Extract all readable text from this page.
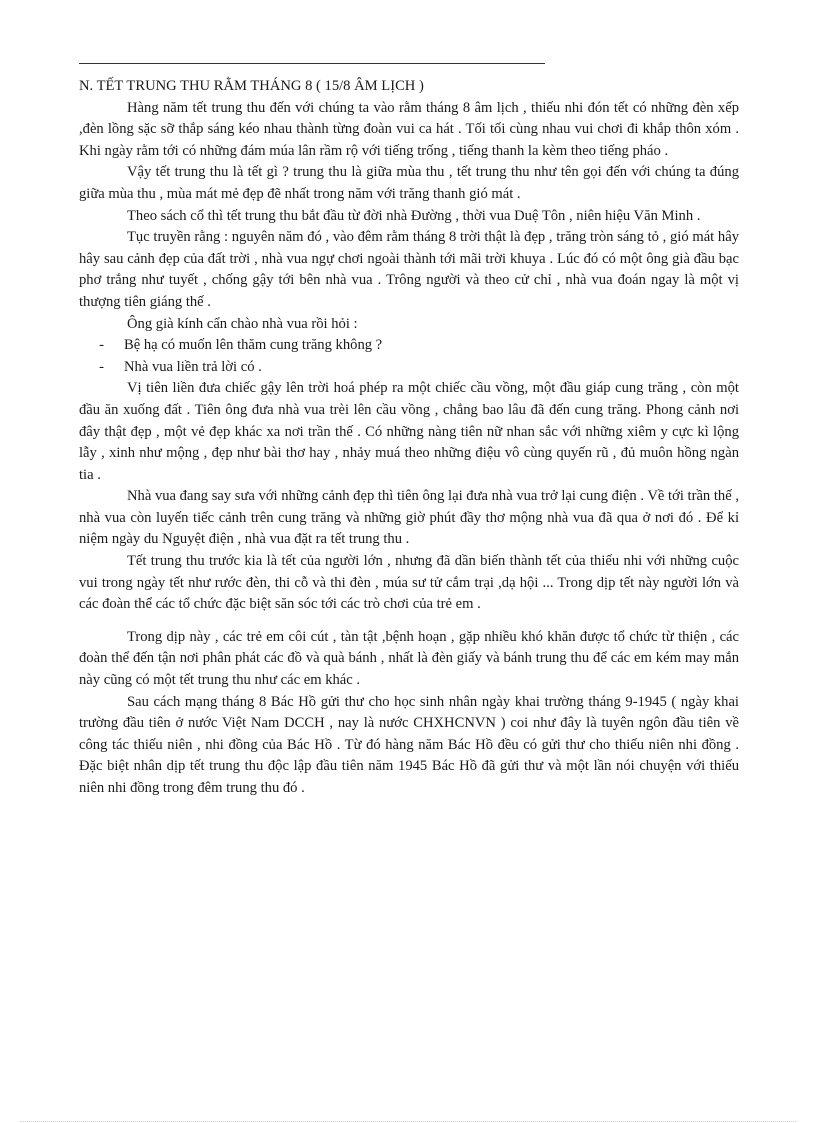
N. TẾT TRUNG THU RẰM THÁNG 8 ( 15/8 ÂM LỊCH )

Hàng năm tết trung thu đến với chúng ta vào rằm tháng 8 âm lịch , thiếu nhi đón tết có những đèn xếp ,đèn lồng sặc sỡ thắp sáng kéo nhau thành từng đoàn vui ca hát . Tối tối cùng nhau vui chơi đi khắp thôn xóm . Khi ngày rằm tới có những đám múa lân rầm rộ với tiếng trống , tiếng thanh la kèm theo tiếng pháo .

Vậy tết trung thu là tết gì ? trung thu là giữa mùa thu , tết trung thu như tên gọi đến với chúng ta đúng giữa mùa thu , mùa mát mẻ đẹp đẽ nhất trong năm với trăng thanh gió mát .

Theo sách cổ thì tết trung thu bắt đầu từ đời nhà Đường , thời vua Duệ Tôn , niên hiệu Văn Minh .

Tục truyền rằng : nguyên năm đó , vào đêm rằm tháng 8 trời thật là đẹp , trăng tròn sáng tỏ , gió mát hây hây sau cảnh đẹp của đất trời , nhà vua ngự chơi ngoài thành tới mãi trời khuya . Lúc đó có một ông già đầu bạc phơ trắng như tuyết , chống gậy tới bên nhà vua . Trông người và theo cử chỉ , nhà vua đoán ngay là một vị thượng tiên giáng thế .

Ông già kính cẩn chào nhà vua rồi hỏi :

-	Bệ hạ có muốn lên thăm cung trăng không ?
-	Nhà vua liền trả lời có .

Vị tiên liền đưa chiếc gậy lên trời hoá phép ra một chiếc cầu vồng, một đầu giáp cung trăng , còn một đầu ăn xuống đất . Tiên ông đưa nhà vua trèi lên cầu vồng , chẳng bao lâu đã đến cung trăng. Phong cảnh nơi đây thật đẹp , một vẻ đẹp khác xa nơi trần thế . Có những nàng tiên nữ nhan sắc với những xiêm y cực kì lộng lẫy , xinh như mộng , đẹp như bài thơ hay , nhảy muá theo những điệu vô cùng quyến rũ , đủ muôn hồng ngàn tia .

Nhà vua đang say sưa với những cảnh đẹp thì tiên ông lại đưa nhà vua trở lại cung điện . Về tới trần thế , nhà vua còn luyến tiếc cảnh trên cung trăng và những giờ phút đầy thơ mộng nhà vua đã qua ở nơi đó . Để kỉ niệm ngày du Nguyệt điện , nhà vua đặt ra tết trung thu .

Tết trung thu trước kia là tết của người lớn , nhưng đã dần biến thành tết của thiếu nhi với những cuộc vui trong ngày tết như rước đèn, thi cỗ và thi đèn , múa sư tử cắm trại ,dạ hội ... Trong dịp tết này người lớn và các đoàn thể các tổ chức đặc biệt săn sóc tới các trò chơi của trẻ em .

Trong dịp này , các trẻ em côi cút , tàn tật ,bệnh hoạn , gặp nhiều khó khăn được tổ chức từ thiện , các đoàn thể đến tận nơi phân phát các đồ và quà bánh , nhất là đèn giấy và bánh trung thu để các em kém may mắn này cũng có một tết trung thu như các em khác .

Sau cách mạng tháng 8 Bác Hồ gửi thư cho học sinh nhân ngày khai trường tháng 9-1945 ( ngày khai trường đầu tiên ở nước Việt Nam DCCH , nay là nước CHXHCNVN ) coi như đây là tuyên ngôn đầu tiên về công tác thiếu niên , nhi đồng của Bác Hồ . Từ đó hàng năm Bác Hồ đều có gửi thư cho thiếu niên nhi đồng . Đặc biệt nhân dịp tết trung thu độc lập đầu tiên năm 1945 Bác Hồ đã gửi thư và một lần nói chuyện với thiếu niên nhi đồng trong đêm trung thu đó .
